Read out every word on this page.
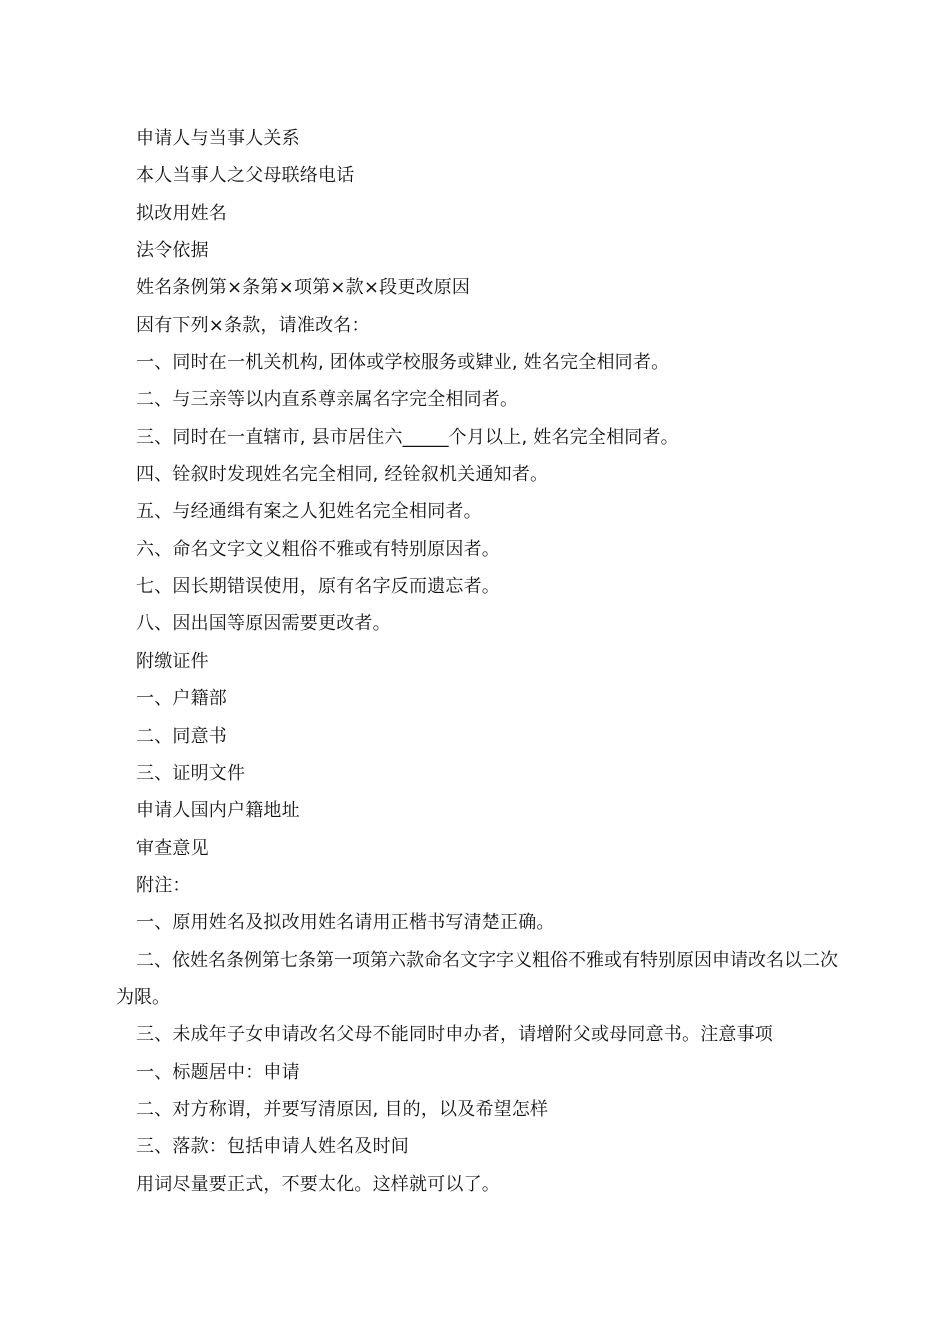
申请人与当事人关系
本人当事人之父母联络电话
拟改用姓名
法令依据
姓名条例第×条第×项第×款×段更改原因
因有下列×条款，请准改名：
一、同时在一机关机构, 团体或学校服务或肄业, 姓名完全相同者。
二、与三亲等以内直系尊亲属名字完全相同者。
三、同时在一直辖市, 县市居住六_____个月以上, 姓名完全相同者。
四、铨叙时发现姓名完全相同, 经铨叙机关通知者。
五、与经通缉有案之人犯姓名完全相同者。
六、命名文字文义粗俗不雅或有特别原因者。
七、因长期错误使用，原有名字反而遗忘者。
八、因出国等原因需要更改者。
附缴证件
一、户籍部
二、同意书
三、证明文件
申请人国内户籍地址
审查意见
附注：
一、原用姓名及拟改用姓名请用正楷书写清楚正确。
二、依姓名条例第七条第一项第六款命名文字字义粗俗不雅或有特别原因申请改名以二次为限。
三、未成年子女申请改名父母不能同时申办者，请增附父或母同意书。注意事项
一、标题居中：申请
二、对方称谓，并要写清原因, 目的，以及希望怎样
三、落款：包括申请人姓名及时间
用词尽量要正式，不要太化。这样就可以了。
